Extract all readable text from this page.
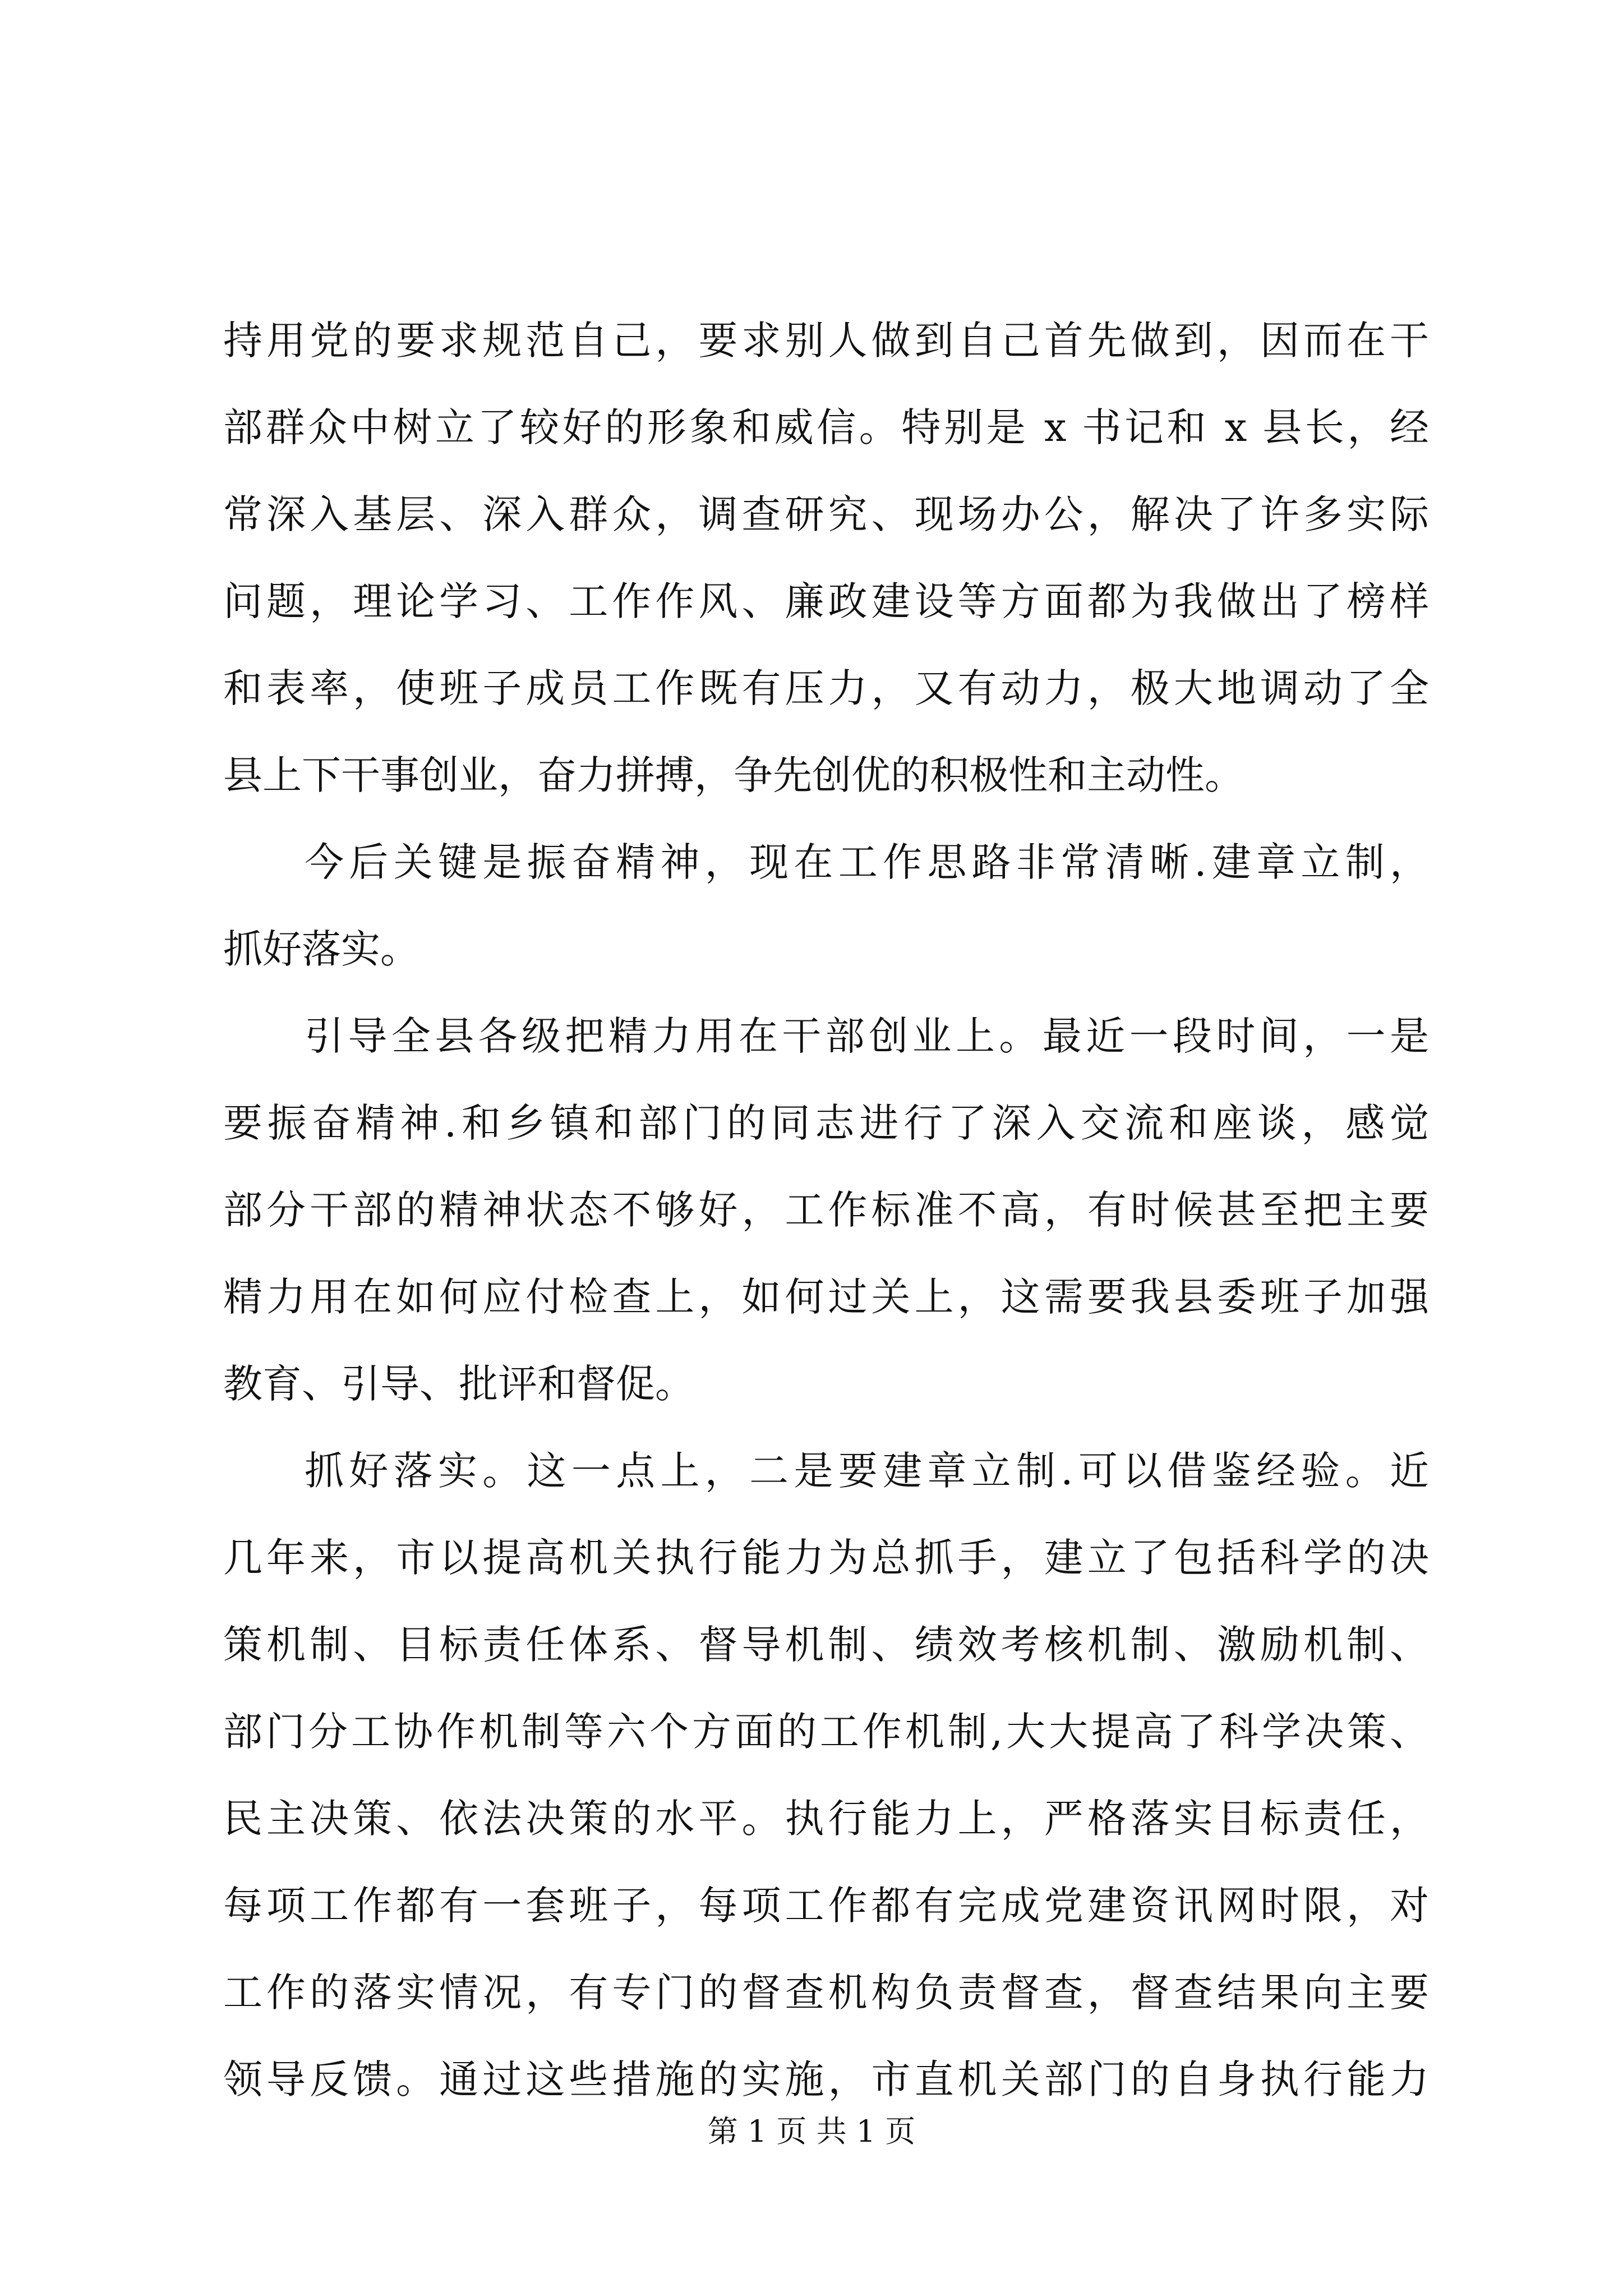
持用党的要求规范自己，要求别人做到自己首先做到，因而在干
部群众中树立了较好的形象和威信。特别是 x 书记和 x 县长，经
常深入基层、深入群众，调查研究、现场办公，解决了许多实际
问题，理论学习、工作作风、廉政建设等方面都为我做出了榜样
和表率，使班子成员工作既有压力，又有动力，极大地调动了全
县上下干事创业，奋力拼搏，争先创优的积极性和主动性。
今后关键是振奋精神，现在工作思路非常清晰.建章立制，
抓好落实。
引导全县各级把精力用在干部创业上。最近一段时间，一是
要振奋精神.和乡镇和部门的同志进行了深入交流和座谈，感觉
部分干部的精神状态不够好，工作标准不高，有时候甚至把主要
精力用在如何应付检查上，如何过关上，这需要我县委班子加强
教育、引导、批评和督促。
抓好落实。这一点上，二是要建章立制.可以借鉴经验。近
几年来，市以提高机关执行能力为总抓手，建立了包括科学的决
策机制、目标责任体系、督导机制、绩效考核机制、激励机制、
部门分工协作机制等六个方面的工作机制,大大提高了科学决策、
民主决策、依法决策的水平。执行能力上，严格落实目标责任，
每项工作都有一套班子，每项工作都有完成党建资讯网时限，对
工作的落实情况，有专门的督查机构负责督查，督查结果向主要
领导反馈。通过这些措施的实施，市直机关部门的自身执行能力
第 1 页 共 1 页
